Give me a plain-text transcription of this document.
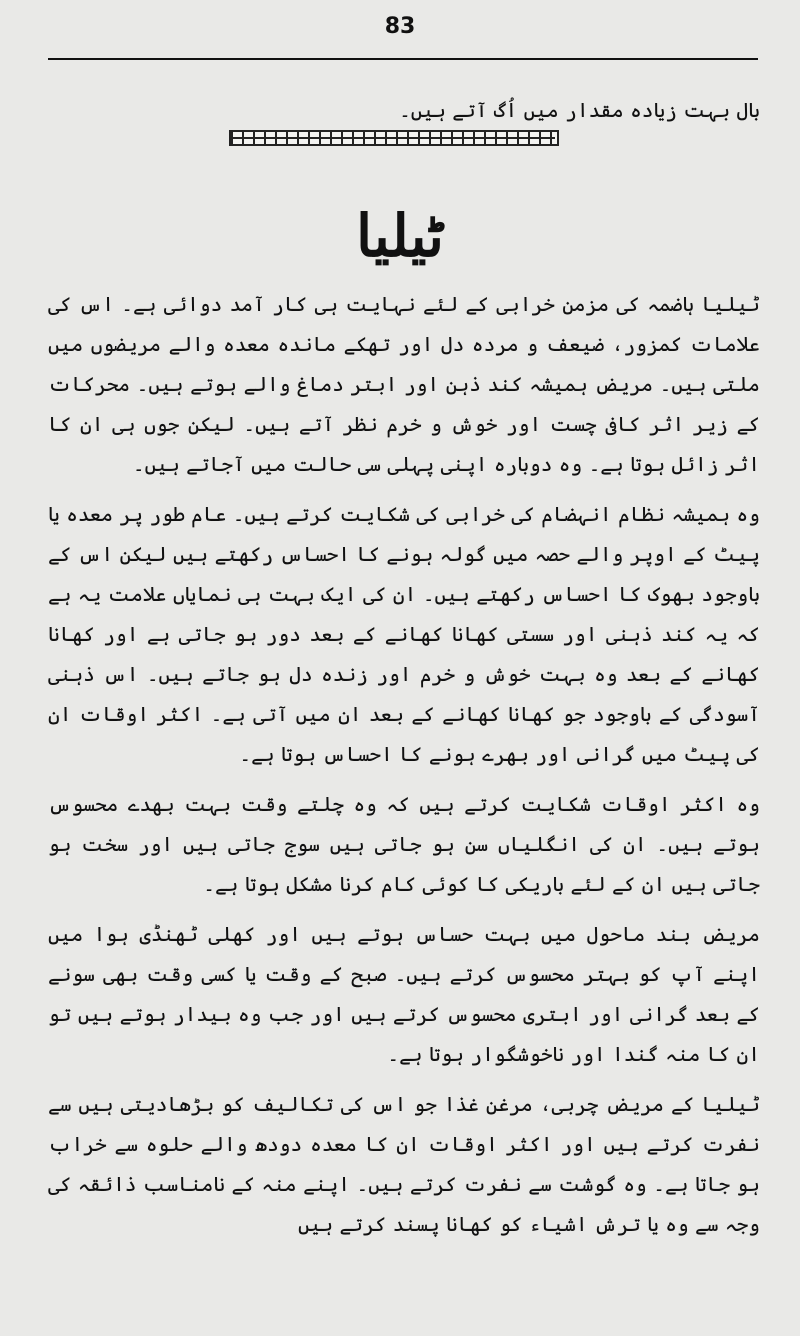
83
بال بہت زیادہ مقدار میں اُگ آتے ہیں۔
ٹیلیا

ٹیلیا ہاضمہ کی مزمن خرابی کے لئے نہایت ہی کار آمد دوائی ہے۔ اس کی علامات کمزور، ضیعف و مردہ دل اور تھکے ماندہ معدہ والے مریضوں میں ملتی ہیں۔ مریض ہمیشہ کند ذہن اور ابتر دماغ والے ہوتے ہیں۔ محرکات کے زیر اثر کافی چست اور خوش و خرم نظر آتے ہیں۔ لیکن جوں ہی ان کا اثر زائل ہوتا ہے۔ وہ دوبارہ اپنی پہلی سی حالت میں آجاتے ہیں۔

وہ ہمیشہ نظام انہضام کی خرابی کی شکایت کرتے ہیں۔ عام طور پر معدہ یا پیٹ کے اوپر والے حصہ میں گولہ ہونے کا احساس رکھتے ہیں لیکن اس کے باوجود بھوک کا احساس رکھتے ہیں۔ ان کی ایک بہت ہی نمایاں علامت یہ ہے کہ یہ کند ذہنی اور سستی کھانا کھانے کے بعد دور ہو جاتی ہے اور کھانا کھانے کے بعد وہ بہت خوش و خرم اور زندہ دل ہو جاتے ہیں۔ اس ذہنی آسودگی کے باوجود جو کھانا کھانے کے بعد ان میں آتی ہے۔ اکثر اوقات ان کی پیٹ میں گرانی اور بھرے ہونے کا احساس ہوتا ہے۔

وہ اکثر اوقات شکایت کرتے ہیں کہ وہ چلتے وقت بہت بھدے محسوس ہوتے ہیں۔ ان کی انگلیاں سن ہو جاتی ہیں سوج جاتی ہیں اور سخت ہو جاتی ہیں ان کے لئے باریکی کا کوئی کام کرنا مشکل ہوتا ہے۔

مریض بند ماحول میں بہت حساس ہوتے ہیں اور کھلی ٹھنڈی ہوا میں اپنے آپ کو بہتر محسوس کرتے ہیں۔ صبح کے وقت یا کسی وقت بھی سونے کے بعد گرانی اور ابتری محسوس کرتے ہیں اور جب وہ بیدار ہوتے ہیں تو ان کا منہ گندا اور ناخوشگوار ہوتا ہے۔

ٹیلیا کے مریض چربی، مرغن غذا جو اس کی تکالیف کو بڑھادیتی ہیں سے نفرت کرتے ہیں اور اکثر اوقات ان کا معدہ دودھ والے حلوہ سے خراب ہو جاتا ہے۔ وہ گوشت سے نفرت کرتے ہیں۔ اپنے منہ کے نامناسب ذائقہ کی وجہ سے وہ یا ترش اشیاء کو کھانا پسند کرتے ہیں
